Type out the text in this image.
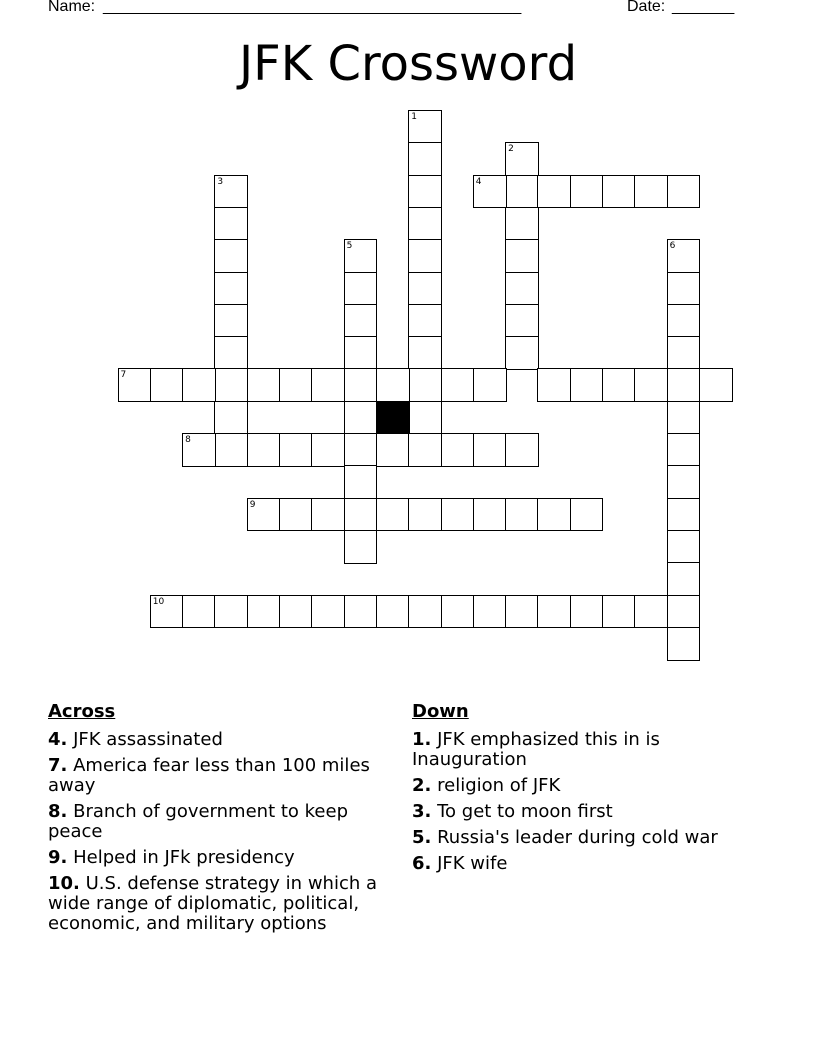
Name: _______________________________________________	Date: _______
JFK Crossword
1
2
3	4
5	6
7
8
9
10
Across
4. JFK assassinated
7. America fear less than 100 miles away
8. Branch of government to keep peace
9. Helped in JFk presidency
10. U.S. defense strategy in which a wide range of diplomatic, political, economic, and military options
Down
1. JFK emphasized this in is Inauguration
2. religion of JFK
3. To get to moon first
5. Russia's leader during cold war
6. JFK wife
